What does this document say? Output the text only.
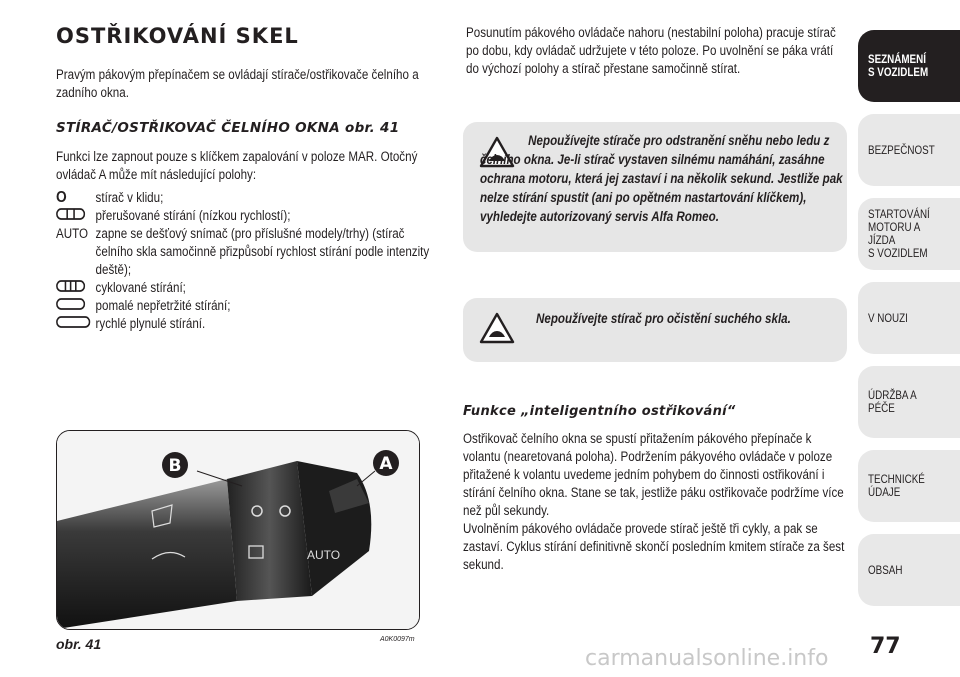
OSTŘIKOVÁNÍ SKEL
Pravým pákovým přepínačem se ovládají stírače/ostřikovače čelního a zadního okna.
STÍRAČ/OSTŘIKOVAČ ČELNÍHO OKNA obr. 41
Funkci lze zapnout pouze s klíčkem zapalování v poloze MAR. Otočný ovládač A může mít následující polohy:
O stírač v klidu;
přerušované stírání (nízkou rychlostí);
AUTO zapne se dešťový snímač (pro příslušné modely/trhy) (stírač čelního skla samočinně přizpůsobí rychlost stírání podle intenzity deště);
cyklované stírání;
pomalé nepřetržité stírání;
rychlé plynulé stírání.
AUTO
B	A
obr. 41	A0K0097m
Posunutím pákového ovládače nahoru (nestabilní poloha) pracuje stírač po dobu, kdy ovládač udržujete v této poloze. Po uvolnění se páka vrátí do výchozí polohy a stírač přestane samočinně stírat.
Nepoužívejte stírače pro odstranění sněhu nebo ledu z čelního okna. Je-li stírač vystaven silnému namáhání, zasáhne ochrana motoru, která jej zastaví i na několik sekund. Jestliže pak nelze stírání spustit (ani po opětném nastartování klíčkem), vyhledejte autorizovaný servis Alfa Romeo.
Nepoužívejte stírač pro očistění suchého skla.
Funkce „inteligentního ostřikování“
Ostřikovač čelního okna se spustí přitažením pákového přepínače k volantu (nearetovaná poloha). Podržením pákyového ovládače v poloze přitažené k volantu uvedeme jedním pohybem do činnosti ostřikování i stírání čelního okna. Stane se tak, jestliže páku ostřikovače podržíme více než půl sekundy.
Uvolněním pákového ovládače provede stírač ještě tři cykly, a pak se zastaví. Cyklus stírání definitivně skončí posledním kmitem stírače za šest sekund.
SEZNÁMENÍ
S VOZIDLEM
BEZPEČNOST
STARTOVÁNÍ
MOTORU A JÍZDA
S VOZIDLEM
V NOUZI
ÚDRŽBA A PÉČE
TECHNICKÉ
ÚDAJE
OBSAH
77
carmanualsonline.info
